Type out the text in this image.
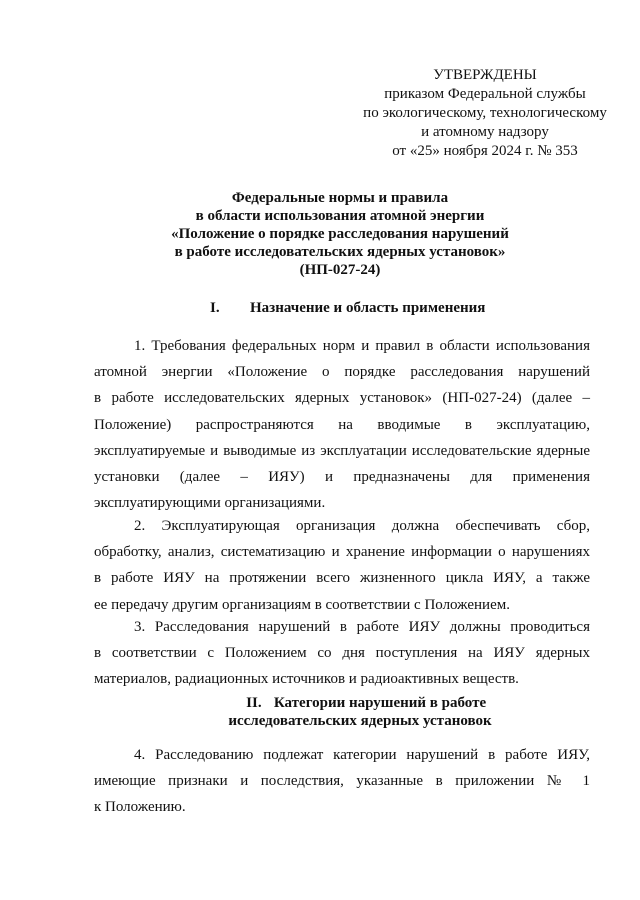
УТВЕРЖДЕНЫ
приказом Федеральной службы
по экологическому, технологическому
и атомному надзору
от «25» ноября 2024 г. № 353
Федеральные нормы и правила
в области использования атомной энергии
«Положение о порядке расследования нарушений
в работе исследовательских ядерных установок»
(НП-027-24)
I. Назначение и область применения
1. Требования федеральных норм и правил в области использования
атомной энергии «Положение о порядке расследования нарушений
в работе исследовательских ядерных установок» (НП-027-24) (далее –
Положение) распространяются на вводимые в эксплуатацию,
эксплуатируемые и выводимые из эксплуатации исследовательские ядерные
установки (далее – ИЯУ) и предназначены для применения
эксплуатирующими организациями.
2. Эксплуатирующая организация должна обеспечивать сбор,
обработку, анализ, систематизацию и хранение информации о нарушениях
в работе ИЯУ на протяжении всего жизненного цикла ИЯУ, а также
ее передачу другим организациям в соответствии с Положением.
3. Расследования нарушений в работе ИЯУ должны проводиться
в соответствии с Положением со дня поступления на ИЯУ ядерных
материалов, радиационных источников и радиоактивных веществ.
II. Категории нарушений в работе
исследовательских ядерных установок
4. Расследованию подлежат категории нарушений в работе ИЯУ,
имеющие признаки и последствия, указанные в приложении № 1
к Положению.
